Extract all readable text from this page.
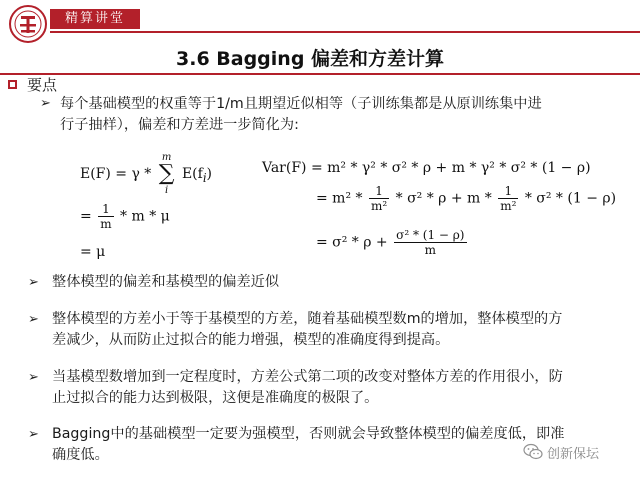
精算讲堂
3.6 Bagging 偏差和方差计算
要点
➢ 每个基础模型的权重等于1/m且期望近似相等（子训练集都是从原训练集中进
行子抽样），偏差和方差进一步简化为:
E(F) = γ *
m
∑
i
$E(f_i)$
= $\frac{1}{m}$ * m * μ
= μ
Var(F) = m² * γ² * σ² * ρ + m * γ² * σ² * (1 − ρ)
= $m^2 * \frac{1}{\text{m²}} * \sigma^2 * \rho + m * \frac{1}{\text{m²}} * \sigma^2 * (1 - \rho)$
= $\sigma^2 * \rho + \frac{\text{σ² * (1 − ρ)}}{m}$
➢ 整体模型的偏差和基模型的偏差近似
➢ 整体模型的方差小于等于基模型的方差，随着基础模型数m的增加，整体模型的方
差减少，从而防止过拟合的能力增强，模型的准确度得到提高。
➢ 当基模型数增加到一定程度时，方差公式第二项的改变对整体方差的作用很小，防
止过拟合的能力达到极限，这便是准确度的极限了。
➢ Bagging中的基础模型一定要为强模型，否则就会导致整体模型的偏差度低，即准
确度低。	创新保坛
